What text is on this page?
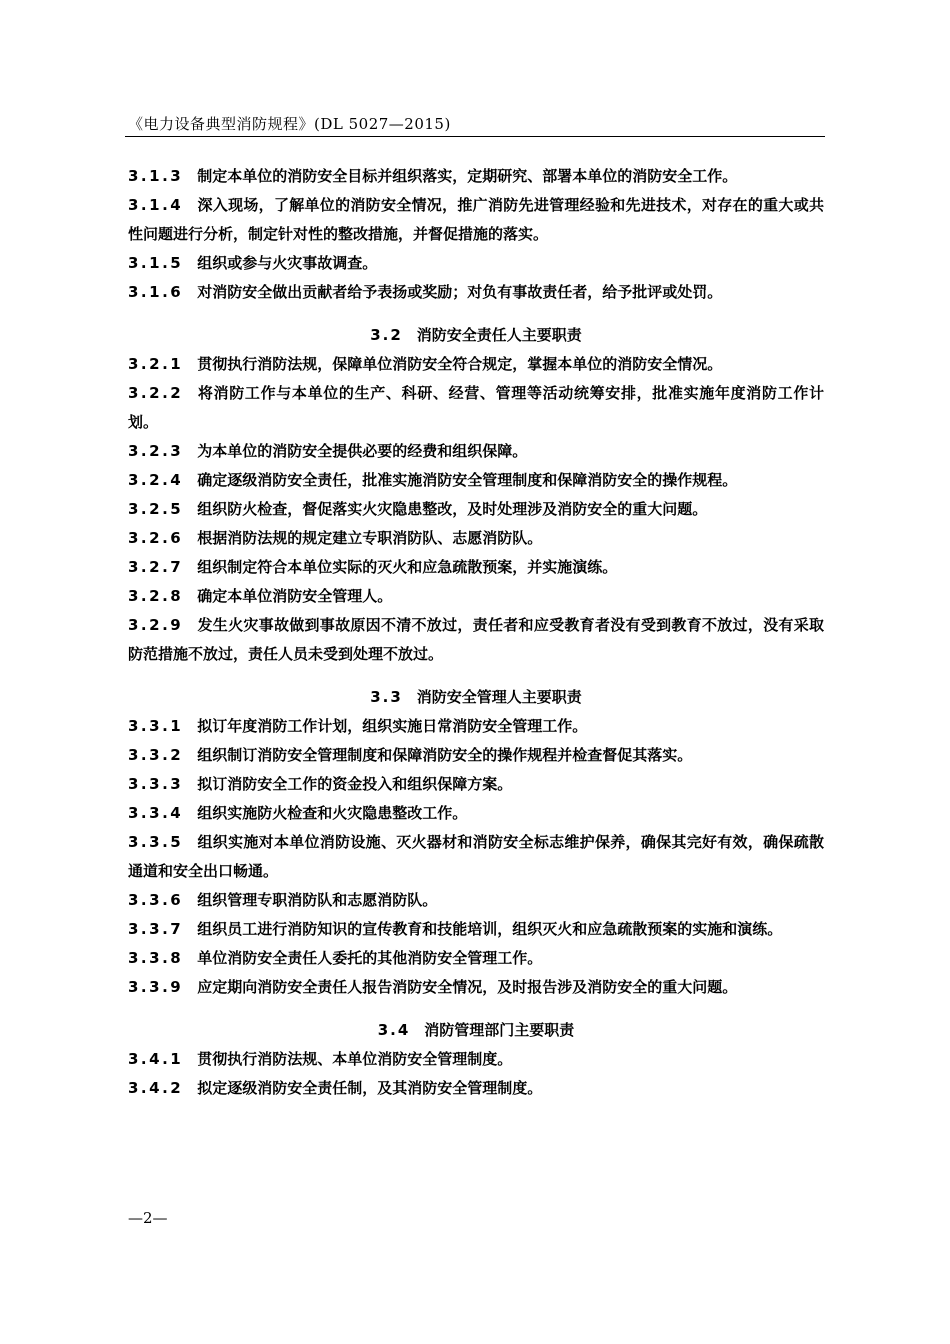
《电力设备典型消防规程》(DL 5027—2015)
3.1.3 制定本单位的消防安全目标并组织落实，定期研究、部署本单位的消防安全工作。
3.1.4 深入现场，了解单位的消防安全情况，推广消防先进管理经验和先进技术，对存在的重大或共性问题进行分析，制定针对性的整改措施，并督促措施的落实。
3.1.5 组织或参与火灾事故调查。
3.1.6 对消防安全做出贡献者给予表扬或奖励；对负有事故责任者，给予批评或处罚。
3.2 消防安全责任人主要职责
3.2.1 贯彻执行消防法规，保障单位消防安全符合规定，掌握本单位的消防安全情况。
3.2.2 将消防工作与本单位的生产、科研、经营、管理等活动统筹安排，批准实施年度消防工作计划。
3.2.3 为本单位的消防安全提供必要的经费和组织保障。
3.2.4 确定逐级消防安全责任，批准实施消防安全管理制度和保障消防安全的操作规程。
3.2.5 组织防火检查，督促落实火灾隐患整改，及时处理涉及消防安全的重大问题。
3.2.6 根据消防法规的规定建立专职消防队、志愿消防队。
3.2.7 组织制定符合本单位实际的灭火和应急疏散预案，并实施演练。
3.2.8 确定本单位消防安全管理人。
3.2.9 发生火灾事故做到事故原因不清不放过，责任者和应受教育者没有受到教育不放过，没有采取防范措施不放过，责任人员未受到处理不放过。
3.3 消防安全管理人主要职责
3.3.1 拟订年度消防工作计划，组织实施日常消防安全管理工作。
3.3.2 组织制订消防安全管理制度和保障消防安全的操作规程并检查督促其落实。
3.3.3 拟订消防安全工作的资金投入和组织保障方案。
3.3.4 组织实施防火检查和火灾隐患整改工作。
3.3.5 组织实施对本单位消防设施、灭火器材和消防安全标志维护保养，确保其完好有效，确保疏散通道和安全出口畅通。
3.3.6 组织管理专职消防队和志愿消防队。
3.3.7 组织员工进行消防知识的宣传教育和技能培训，组织灭火和应急疏散预案的实施和演练。
3.3.8 单位消防安全责任人委托的其他消防安全管理工作。
3.3.9 应定期向消防安全责任人报告消防安全情况，及时报告涉及消防安全的重大问题。
3.4 消防管理部门主要职责
3.4.1 贯彻执行消防法规、本单位消防安全管理制度。
3.4.2 拟定逐级消防安全责任制，及其消防安全管理制度。
—2—
